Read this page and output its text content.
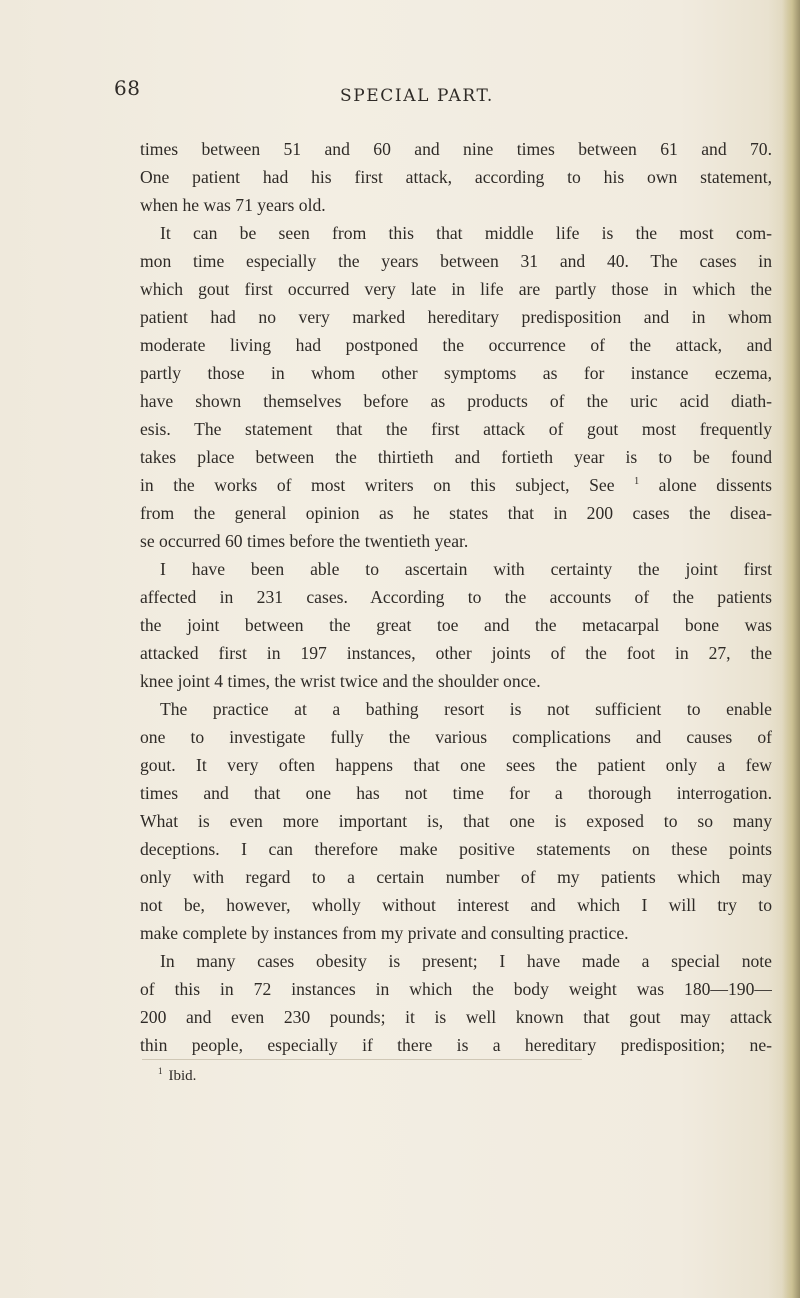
68	SPECIAL PART.
times between 51 and 60 and nine times between 61 and 70.
One patient had his first attack, according to his own statement,
when he was 71 years old.
It can be seen from this that middle life is the most com-
mon time especially the years between 31 and 40. The cases in
which gout first occurred very late in life are partly those in which the
patient had no very marked hereditary predisposition and in whom
moderate living had postponed the occurrence of the attack, and
partly those in whom other symptoms as for instance eczema,
have shown themselves before as products of the uric acid diath-
esis. The statement that the first attack of gout most frequently
takes place between the thirtieth and fortieth year is to be found
in the works of most writers on this subject, See $^1$ alone dissents
from the general opinion as he states that in 200 cases the disea-
se occurred 60 times before the twentieth year.
I have been able to ascertain with certainty the joint first
affected in 231 cases. According to the accounts of the patients
the joint between the great toe and the metacarpal bone was
attacked first in 197 instances, other joints of the foot in 27, the
knee joint 4 times, the wrist twice and the shoulder once.
The practice at a bathing resort is not sufficient to enable
one to investigate fully the various complications and causes of
gout. It very often happens that one sees the patient only a few
times and that one has not time for a thorough interrogation.
What is even more important is, that one is exposed to so many
deceptions. I can therefore make positive statements on these points
only with regard to a certain number of my patients which may
not be, however, wholly without interest and which I will try to
make complete by instances from my private and consulting practice.
In many cases obesity is present; I have made a special note
of this in 72 instances in which the body weight was 180—190—
200 and even 230 pounds; it is well known that gout may attack
thin people, especially if there is a hereditary predisposition; ne-
$^1$ Ibid.
